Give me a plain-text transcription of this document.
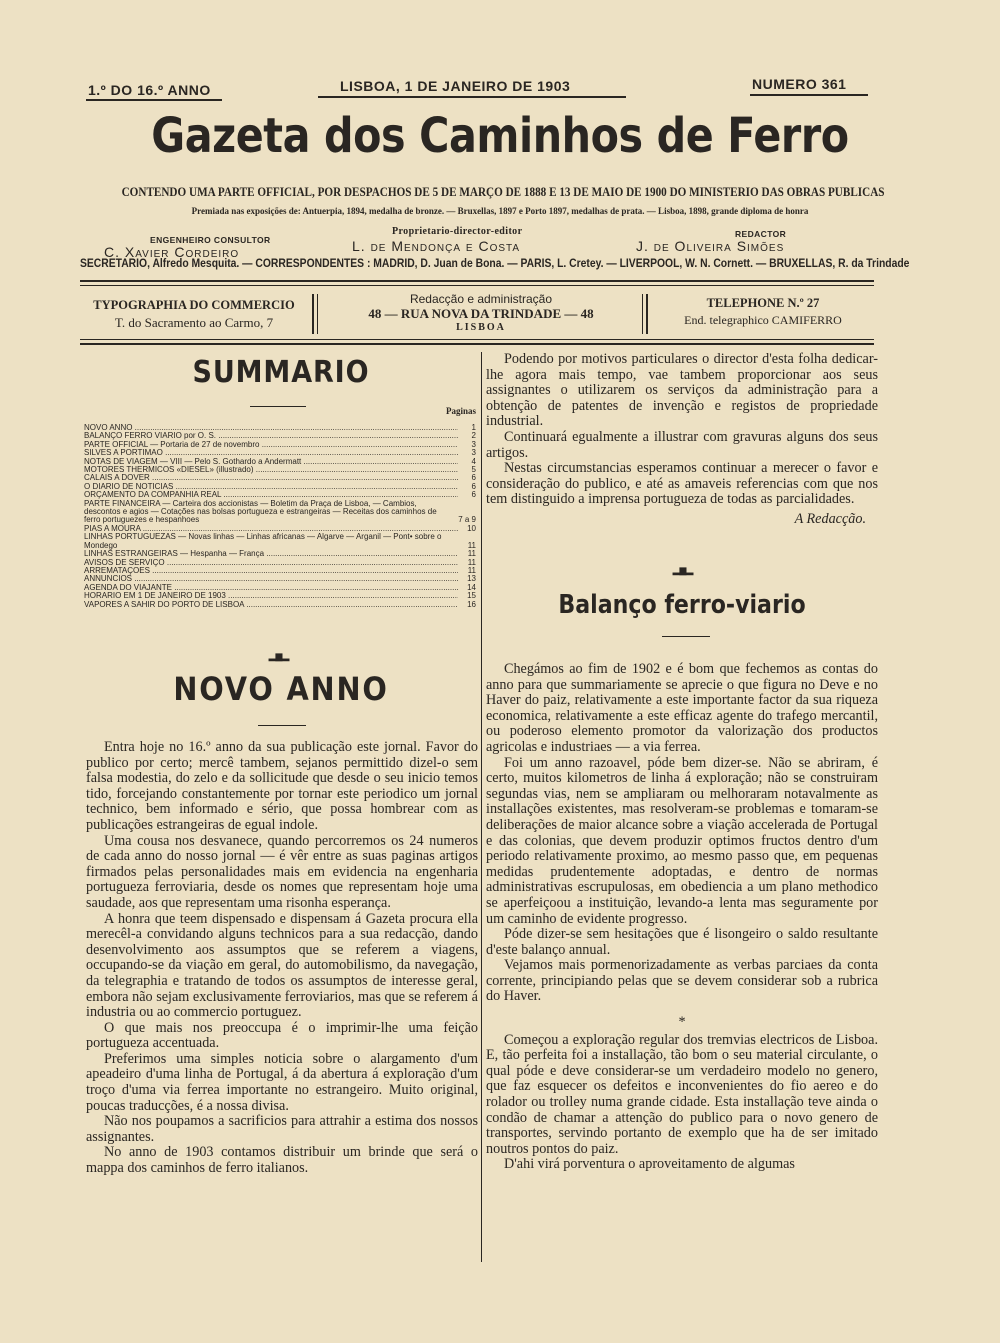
1.º DO 16.º ANNO	LISBOA, 1 DE JANEIRO DE 1903	NUMERO 361
Gazeta dos Caminhos de Ferro
CONTENDO UMA PARTE OFFICIAL, POR DESPACHOS DE 5 DE MARÇO DE 1888 E 13 DE MAIO DE 1900 DO MINISTERIO DAS OBRAS PUBLICAS
Premiada nas exposições de: Antuerpia, 1894, medalha de bronze. — Bruxellas, 1897 e Porto 1897, medalhas de prata. — Lisboa, 1898, grande diploma de honra
ENGENHEIRO CONSULTOR
C. Xavier Cordeiro
Proprietario-director-editor
L. de Mendonça e Costa
REDACTOR
J. de Oliveira Simões
SECRETARIO, Alfredo Mesquita. — CORRESPONDENTES : MADRID, D. Juan de Bona. — PARIS, L. Cretey. — LIVERPOOL, W. N. Cornett. — BRUXELLAS, R. da Trindade
TYPOGRAPHIA DO COMMERCIO
T. do Sacramento ao Carmo, 7
Redacção e administração
48 — RUA NOVA DA TRINDADE — 48
LISBOA
TELEPHONE N.º 27
End. telegraphico CAMIFERRO
SUMMARIO
Paginas
NOVO ANNO .....	1
BALANÇO FERRO VIARIO por O. S. .....	2
PARTE OFFICIAL — Portaria de 27 de novembro .....	3
SILVES A PORTIMÃO .....	3
NOTAS DE VIAGEM — VIII — Pelo S. Gothardo a Andermatt .....	4
MOTORES THERMICOS «DIESEL» (illustrado) .....	5
CALAIS A DOVER .....	6
O DIARIO DE NOTICIAS .....	6
ORÇAMENTO DA COMPANHIA REAL .....	6
PARTE FINANCEIRA — Carteira dos accionistas — Boletim da Praça de Lisboa, — Cambios, descontos e agios — Cotações nas bolsas portugueza e estrangeiras — Receitas dos caminhos de ferro portuguezes e hespanhoes	7 a 9
PIAS A MOURA .....	10
LINHAS PORTUGUEZAS — Novas linhas — Linhas africanas — Algarve — Arganil — Pont• sobre o Mondego	11
LINHAS ESTRANGEIRAS — Hespanha — França .....	11
AVISOS DE SERVIÇO .....	11
ARREMATAÇÕES .....	11
ANNUNCIOS .....	13
AGENDA DO VIAJANTE .....	14
HORARIO EM 1 DE JANEIRO DE 1903 .....	15
VAPORES A SAHIR DO PORTO DE LISBOA .....	16
▂▆▂
NOVO ANNO

Entra hoje no 16.º anno da sua publicação este jornal. Favor do publico por certo; mercê tambem, sejanos permittido dizel-o sem falsa modestia, do zelo e da sollicitude que desde o seu inicio temos tido, forcejando constantemente por tornar este periodico um jornal technico, bem informado e sério, que possa hombrear com as publicações estrangeiras de egual indole.

Uma cousa nos desvanece, quando percorremos os 24 numeros de cada anno do nosso jornal — é vêr entre as suas paginas artigos firmados pelas personalidades mais em evidencia na engenharia portugueza ferroviaria, desde os nomes que representam hoje uma saudade, aos que representam uma risonha esperança.

A honra que teem dispensado e dispensam á Gazeta procura ella merecêl-a convidando alguns technicos para a sua redacção, dando desenvolvimento aos assumptos que se referem a viagens, occupando-se da viação em geral, do automobilismo, da navegação, da telegraphia e tratando de todos os assumptos de interesse geral, embora não sejam exclusivamente ferroviarios, mas que se referem á industria ou ao commercio portuguez.

O que mais nos preoccupa é o imprimir-lhe uma feição portugueza accentuada.

Preferimos uma simples noticia sobre o alargamento d'um apeadeiro d'uma linha de Portugal, á da abertura á exploração d'um troço d'uma via ferrea importante no estrangeiro. Muito original, poucas traducções, é a nossa divisa.

Não nos poupamos a sacrificios para attrahir a estima dos nossos assignantes.

No anno de 1903 contamos distribuir um brinde que será o mappa dos caminhos de ferro italianos.

Podendo por motivos particulares o director d'esta folha dedicar-lhe agora mais tempo, vae tambem proporcionar aos seus assignantes o utilizarem os serviços da administração para a obtenção de patentes de invenção e registos de propriedade industrial.

Continuará egualmente a illustrar com gravuras alguns dos seus artigos.

Nestas circumstancias esperamos continuar a merecer o favor e consideração do publico, e até as amaveis referencias com que nos tem distinguido a imprensa portugueza de todas as parcialidades.

A Redacção.

▂▆▂
Balanço ferro-viario

Chegámos ao fim de 1902 e é bom que fechemos as contas do anno para que summariamente se aprecie o que figura no Deve e no Haver do paiz, relativamente a este importante factor da sua riqueza economica, relativamente a este efficaz agente do trafego mercantil, ou poderoso elemento promotor da valorização dos productos agricolas e industriaes — a via ferrea.

Foi um anno razoavel, póde bem dizer-se. Não se abriram, é certo, muitos kilometros de linha á exploração; não se construiram segundas vias, nem se ampliaram ou melhoraram notavalmente as installações existentes, mas resolveram-se problemas e tomaram-se deliberações de maior alcance sobre a viação accelerada de Portugal e das colonias, que devem produzir optimos fructos dentro d'um periodo relativamente proximo, ao mesmo passo que, em pequenas medidas prudentemente adoptadas, e dentro de normas administrativas escrupulosas, em obediencia a um plano methodico se aperfeiçoou a instituição, levando-a lenta mas seguramente por um caminho de evidente progresso.

Póde dizer-se sem hesitações que é lisongeiro o saldo resultante d'este balanço annual.

Vejamos mais pormenorizadamente as verbas parciaes da conta corrente, principiando pelas que se devem considerar sob a rubrica do Haver.

*

Começou a exploração regular dos tremvias electricos de Lisboa. E, tão perfeita foi a installação, tão bom o seu material circulante, o qual póde e deve considerar-se um verdadeiro modelo no genero, que faz esquecer os defeitos e inconvenientes do fio aereo e do rolador ou trolley numa grande cidade. Esta installação teve ainda o condão de chamar a attenção do publico para o novo genero de transportes, servindo portanto de exemplo que ha de ser imitado noutros pontos do paiz.

D'ahi virá porventura o aproveitamento de algumas
